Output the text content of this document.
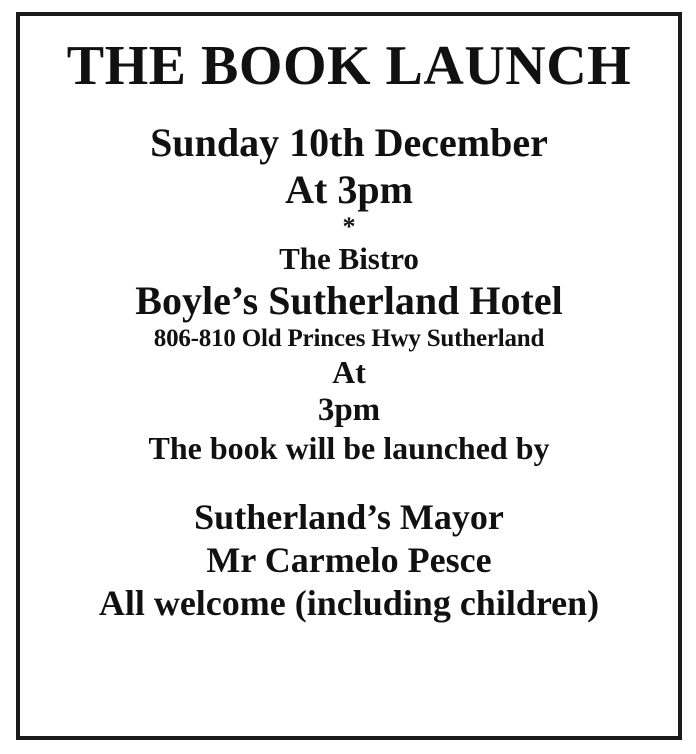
THE BOOK LAUNCH
Sunday 10th December
At 3pm
*
The Bistro
Boyle’s Sutherland Hotel
806-810 Old Princes Hwy Sutherland
At
3pm
The book will be launched by
Sutherland’s Mayor
Mr Carmelo Pesce
All welcome (including children)
